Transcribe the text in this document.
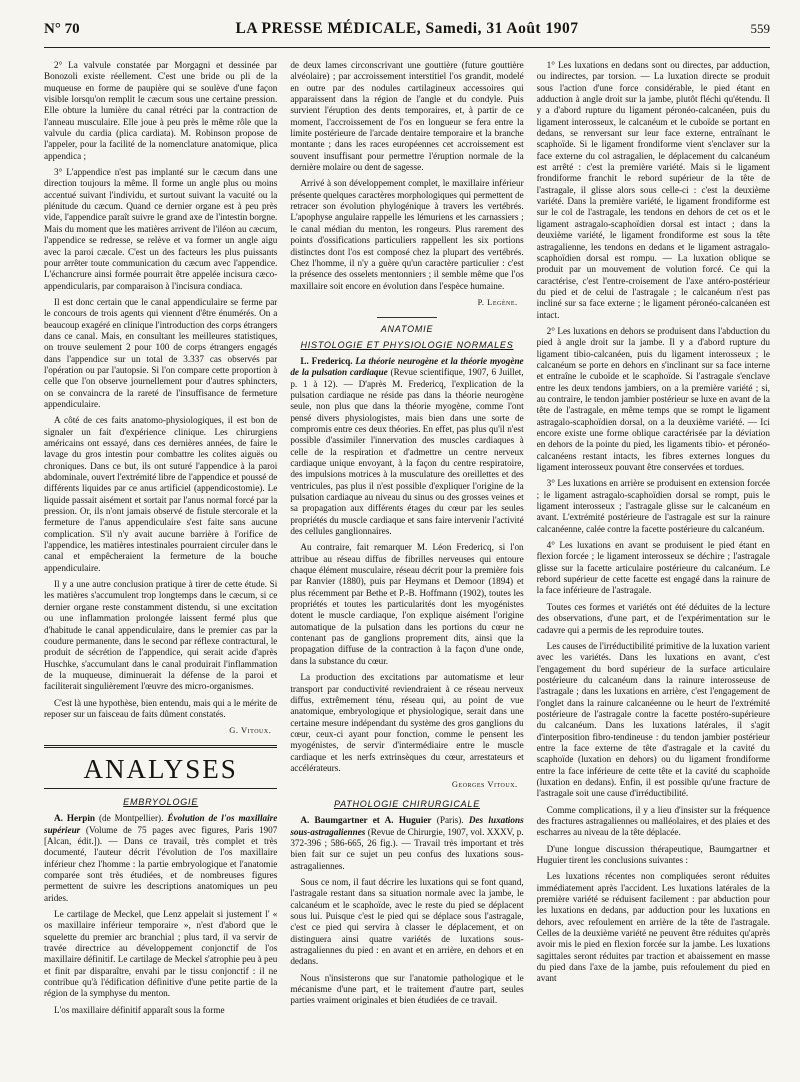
N° 70	LA PRESSE MÉDICALE, Samedi, 31 Août 1907	559

2° La valvule constatée par Morgagni et dessinée par Bonozoli existe réellement. C'est une bride ou pli de la muqueuse en forme de paupière qui se soulève d'une façon visible lorsqu'on remplit le cæcum sous une certaine pression. Elle obture la lumière du canal rétréci par la contraction de l'anneau musculaire. Elle joue à peu près le même rôle que la valvule du cardia (plica cardiata). M. Robinson propose de l'appeler, pour la facilité de la nomenclature anatomique, plica appendica ;

3° L'appendice n'est pas implanté sur le cæcum dans une direction toujours la même. Il forme un angle plus ou moins accentué suivant l'individu, et surtout suivant la vacuité ou la plénitude du cæcum. Quand ce dernier organe est à peu près vide, l'appendice paraît suivre le grand axe de l'intestin borgne. Mais du moment que les matières arrivent de l'iléon au cæcum, l'appendice se redresse, se relève et va former un angle aigu avec la paroi cæcale. C'est un des facteurs les plus puissants pour arrêter toute communication du cæcum avec l'appendice. L'échancrure ainsi formée pourrait être appelée incisura cæco-appendicularis, par comparaison à l'incisura condiaca.

Il est donc certain que le canal appendiculaire se ferme par le concours de trois agents qui viennent d'être énumérés. On a beaucoup exagéré en clinique l'introduction des corps étrangers dans ce canal. Mais, en consultant les meilleures statistiques, on trouve seulement 2 pour 100 de corps étrangers engagés dans l'appendice sur un total de 3.337 cas observés par l'opération ou par l'autopsie. Si l'on compare cette proportion à celle que l'on observe journellement pour d'autres sphincters, on se convaincra de la rareté de l'insuffisance de fermeture appendiculaire.

A côté de ces faits anatomo-physiologiques, il est bon de signaler un fait d'expérience clinique. Les chirurgiens américains ont essayé, dans ces dernières années, de faire le lavage du gros intestin pour combattre les colites aiguës ou chroniques. Dans ce but, ils ont suturé l'appendice à la paroi abdominale, ouvert l'extrémité libre de l'appendice et poussé de différents liquides par ce anus artificiel (appendicostomie). Le liquide passait aisément et sortait par l'anus normal forcé par la pression. Or, ils n'ont jamais observé de fistule stercorale et la fermeture de l'anus appendiculaire s'est faite sans aucune complication. S'il n'y avait aucune barrière à l'orifice de l'appendice, les matières intestinales pourraient circuler dans le canal et empêcheraient la fermeture de la bouche appendiculaire.

Il y a une autre conclusion pratique à tirer de cette étude. Si les matières s'accumulent trop longtemps dans le cæcum, si ce dernier organe reste constamment distendu, si une excitation ou une inflammation prolongée laissent fermé plus que d'habitude le canal appendiculaire, dans le premier cas par la coudure permanente, dans le second par réflexe contractural, le produit de sécrétion de l'appendice, qui serait acide d'après Huschke, s'accumulant dans le canal produirait l'inflammation de la muqueuse, diminuerait la défense de la paroi et faciliterait singulièrement l'œuvre des micro-organismes.

C'est là une hypothèse, bien entendu, mais qui a le mérite de reposer sur un faisceau de faits dûment constatés.

G. Vitoux.
ANALYSES
EMBRYOLOGIE

A. Herpin (de Montpellier). Évolution de l'os maxillaire supérieur (Volume de 75 pages avec figures, Paris 1907 [Alcan, édit.]). — Dans ce travail, très complet et très documenté, l'auteur décrit l'évolution de l'os maxillaire inférieur chez l'homme : la partie embryologique et l'anatomie comparée sont très étudiées, et de nombreuses figures permettent de suivre les descriptions anatomiques un peu arides.

Le cartilage de Meckel, que Lenz appelait si justement l' « os maxillaire inférieur temporaire », n'est d'abord que le squelette du premier arc branchial ; plus tard, il va servir de travée directrice au développement conjonctif de l'os maxillaire définitif. Le cartilage de Meckel s'atrophie peu à peu et finit par disparaître, envahi par le tissu conjonctif : il ne contribue qu'à l'édification définitive d'une petite partie de la région de la symphyse du menton.

L'os maxillaire définitif apparaît sous la forme

de deux lames circonscrivant une gouttière (future gouttière alvéolaire) ; par accroissement interstitiel l'os grandit, modelé en outre par des nodules cartilagineux accessoires qui apparaissent dans la région de l'angle et du condyle. Puis survient l'éruption des dents temporaires, et, à partir de ce moment, l'accroissement de l'os en longueur se fera entre la limite postérieure de l'arcade dentaire temporaire et la branche montante ; dans les races européennes cet accroissement est souvent insuffisant pour permettre l'éruption normale de la dernière molaire ou dent de sagesse.

Arrivé à son développement complet, le maxillaire inférieur présente quelques caractères morphologiques qui permettent de retracer son évolution phylogénique à travers les vertébrés. L'apophyse angulaire rappelle les lémuriens et les carnassiers ; le canal médian du menton, les rongeurs. Plus rarement des points d'ossifications particuliers rappellent les six portions distinctes dont l'os est composé chez la plupart des vertébrés. Chez l'homme, il n'y a guère qu'un caractère particulier : c'est la présence des osselets mentonniers ; il semble même que l'os maxillaire soit encore en évolution dans l'espèce humaine.

P. Legène.
ANATOMIE
HISTOLOGIE ET PHYSIOLOGIE NORMALES

L. Fredericq. La théorie neurogène et la théorie myogène de la pulsation cardiaque (Revue scientifique, 1907, 6 Juillet, p. 1 à 12). — D'après M. Fredericq, l'explication de la pulsation cardiaque ne réside pas dans la théorie neurogène seule, non plus que dans la théorie myogène, comme l'ont pensé divers physiologistes, mais bien dans une sorte de compromis entre ces deux théories. En effet, pas plus qu'il n'est possible d'assimiler l'innervation des muscles cardiaques à celle de la respiration et d'admettre un centre nerveux cardiaque unique envoyant, à la façon du centre respiratoire, des impulsions motrices à la musculature des oreillettes et des ventricules, pas plus il n'est possible d'expliquer l'origine de la pulsation cardiaque au niveau du sinus ou des grosses veines et sa propagation aux différents étages du cœur par les seules propriétés du muscle cardiaque et sans faire intervenir l'activité des cellules ganglionnaires.

Au contraire, fait remarquer M. Léon Fredericq, si l'on attribue au réseau diffus de fibrilles nerveuses qui entoure chaque élément musculaire, réseau décrit pour la première fois par Ranvier (1880), puis par Heymans et Demoor (1894) et plus récemment par Bethe et P.-B. Hoffmann (1902), toutes les propriétés et toutes les particularités dont les myogénistes dotent le muscle cardiaque, l'on explique aisément l'origine automatique de la pulsation dans les portions du cœur ne contenant pas de ganglions proprement dits, ainsi que la propagation diffuse de la contraction à la façon d'une onde, dans la substance du cœur.

La production des excitations par automatisme et leur transport par conductivité reviendraient à ce réseau nerveux diffus, extrêmement ténu, réseau qui, au point de vue anatomique, embryologique et physiologique, serait dans une certaine mesure indépendant du système des gros ganglions du cœur, ceux-ci ayant pour fonction, comme le pensent les myogénistes, de servir d'intermédiaire entre le muscle cardiaque et les nerfs extrinsèques du cœur, arrestateurs et accélérateurs.

Georges Vitoux.
PATHOLOGIE CHIRURGICALE

A. Baumgartner et A. Huguier (Paris). Des luxations sous-astragaliennes (Revue de Chirurgie, 1907, vol. XXXV, p. 372-396 ; 586-665, 26 fig.). — Travail très important et très bien fait sur ce sujet un peu confus des luxations sous-astragaliennes.

Sous ce nom, il faut décrire les luxations qui se font quand, l'astragale restant dans sa situation normale avec la jambe, le calcanéum et le scaphoïde, avec le reste du pied se déplacent sous lui. Puisque c'est le pied qui se déplace sous l'astragale, c'est ce pied qui servira à classer le déplacement, et on distinguera ainsi quatre variétés de luxations sous-astragaliennes du pied : en avant et en arrière, en dehors et en dedans.

Nous n'insisterons que sur l'anatomie pathologique et le mécanisme d'une part, et le traitement d'autre part, seules parties vraiment originales et bien étudiées de ce travail.

1° Les luxations en dedans sont ou directes, par adduction, ou indirectes, par torsion. — La luxation directe se produit sous l'action d'une force considérable, le pied étant en adduction à angle droit sur la jambe, plutôt fléchi qu'étendu. Il y a d'abord rupture du ligament péronéo-calcanéen, puis du ligament interosseux, le calcanéum et le cuboïde se portant en dedans, se renversant sur leur face externe, entraînant le scaphoïde. Si le ligament frondiforme vient s'enclaver sur la face externe du col astragalien, le déplacement du calcanéum est arrêté : c'est la première variété. Mais si le ligament frondiforme franchit le rebord supérieur de la tête de l'astragale, il glisse alors sous celle-ci : c'est la deuxième variété. Dans la première variété, le ligament frondiforme est sur le col de l'astragale, les tendons en dehors de cet os et le ligament astragalo-scaphoïdien dorsal est intact ; dans la deuxième variété, le ligament frondiforme est sous la tête astragalienne, les tendons en dedans et le ligament astragalo-scaphoïdien dorsal est rompu. — La luxation oblique se produit par un mouvement de volution forcé. Ce qui la caractérise, c'est l'entre-croisement de l'axe antéro-postérieur du pied et de celui de l'astragale ; le calcanéum n'est pas incliné sur sa face externe ; le ligament péronéo-calcanéen est intact.

2° Les luxations en dehors se produisent dans l'abduction du pied à angle droit sur la jambe. Il y a d'abord rupture du ligament tibio-calcanéen, puis du ligament interosseux ; le calcanéum se porte en dehors en s'inclinant sur sa face interne et entraîne le cuboïde et le scaphoïde. Si l'astragale s'enclave entre les deux tendons jambiers, on a la première variété ; si, au contraire, le tendon jambier postérieur se luxe en avant de la tête de l'astragale, en même temps que se rompt le ligament astragalo-scaphoïdien dorsal, on a la deuxième variété. — Ici encore existe une forme oblique caractérisée par la déviation en dehors de la pointe du pied, les ligaments tibio- et péronéo-calcanéens restant intacts, les fibres externes longues du ligament interosseux pouvant être conservées et tordues.

3° Les luxations en arrière se produisent en extension forcée ; le ligament astragalo-scaphoïdien dorsal se rompt, puis le ligament interosseux ; l'astragale glisse sur le calcanéum en avant. L'extrémité postérieure de l'astragale est sur la rainure calcanéenne, calée contre la facette postérieure du calcanéum.

4° Les luxations en avant se produisent le pied étant en flexion forcée ; le ligament interosseux se déchire ; l'astragale glisse sur la facette articulaire postérieure du calcanéum. Le rebord supérieur de cette facette est engagé dans la rainure de la face inférieure de l'astragale.

Toutes ces formes et variétés ont été déduites de la lecture des observations, d'une part, et de l'expérimentation sur le cadavre qui a permis de les reproduire toutes.

Les causes de l'irréductibilité primitive de la luxation varient avec les variétés. Dans les luxations en avant, c'est l'engagement du bord supérieur de la surface articulaire postérieure du calcanéum dans la rainure interosseuse de l'astragale ; dans les luxations en arrière, c'est l'engagement de l'onglet dans la rainure calcanéenne ou le heurt de l'extrémité postérieure de l'astragale contre la facette postéro-supérieure du calcanéum. Dans les luxations latérales, il s'agit d'interposition fibro-tendineuse : du tendon jambier postérieur entre la face externe de tête d'astragale et la cavité du scaphoïde (luxation en dehors) ou du ligament frondiforme entre la face inférieure de cette tête et la cavité du scaphoïde (luxation en dedans). Enfin, il est possible qu'une fracture de l'astragale soit une cause d'irréductibilité.

Comme complications, il y a lieu d'insister sur la fréquence des fractures astragaliennes ou malléolaires, et des plaies et des escharres au niveau de la tête déplacée.

D'une longue discussion thérapeutique, Baumgartner et Huguier tirent les conclusions suivantes :

Les luxations récentes non compliquées seront réduites immédiatement après l'accident. Les luxations latérales de la première variété se réduisent facilement : par abduction pour les luxations en dedans, par adduction pour les luxations en dehors, avec refoulement en arrière de la tête de l'astragale. Celles de la deuxième variété ne peuvent être réduites qu'après avoir mis le pied en flexion forcée sur la jambe. Les luxations sagittales seront réduites par traction et abaissement en masse du pied dans l'axe de la jambe, puis refoulement du pied en avant
